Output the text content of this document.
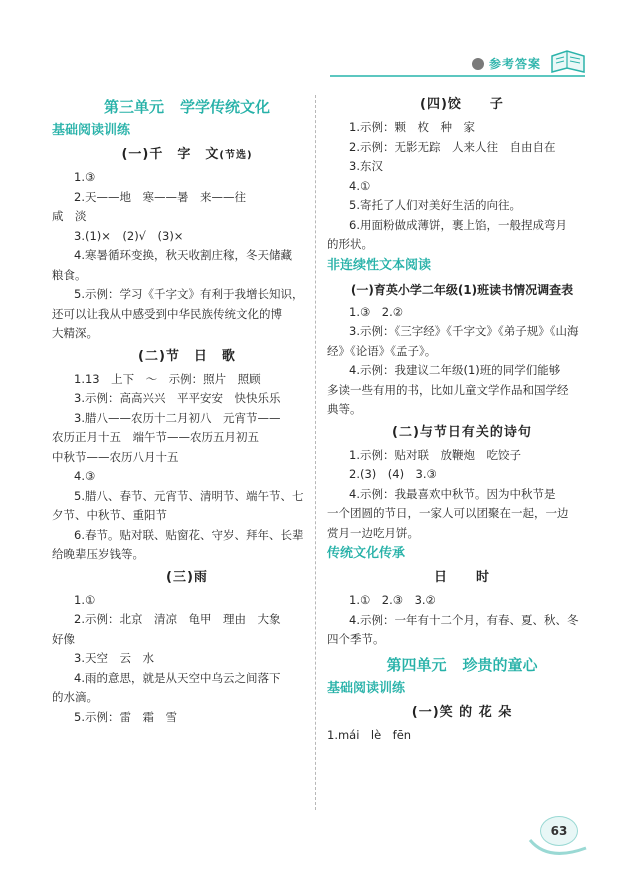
参考答案
第三单元 学学传统文化
基础阅读训练
(一)千　字　文(节选)
1.③
2.天——地　寒——暑　来——往
咸　淡
3.(1)×　(2)√　(3)×
4.寒暑循环变换，秋天收割庄稼，冬天储藏
粮食。
5.示例：学习《千字文》有利于我增长知识，
还可以让我从中感受到中华民族传统文化的博
大精深。
(二)节　日　歌
1.13　上下　～　示例：照片　照顾
3.示例：高高兴兴　平平安安　快快乐乐
3.腊八——农历十二月初八　元宵节——
农历正月十五　端午节——农历五月初五
中秋节——农历八月十五
4.③
5.腊八、春节、元宵节、清明节、端午节、七
夕节、中秋节、重阳节
6.春节。贴对联、贴窗花、守岁、拜年、长辈
给晚辈压岁钱等。
(三)雨
1.①
2.示例：北京　清凉　龟甲　理由　大象
好像
3.天空　云　水
4.雨的意思，就是从天空中乌云之间落下
的水滴。
5.示例：雷　霜　雪
(四)饺　　子
1.示例：颗　枚　种　家
2.示例：无影无踪　人来人往　自由自在
3.东汉
4.①
5.寄托了人们对美好生活的向往。
6.用面粉做成薄饼，裹上馅，一般捏成弯月
的形状。
非连续性文本阅读
(一)育英小学二年级(1)班读书情况调查表
1.③　2.②
3.示例：《三字经》《千字文》《弟子规》《山海
经》《论语》《孟子》。
4.示例：我建议二年级(1)班的同学们能够
多读一些有用的书，比如儿童文学作品和国学经
典等。
(二)与节日有关的诗句
1.示例：贴对联　放鞭炮　吃饺子
2.(3)　(4)　3.③
4.示例：我最喜欢中秋节。因为中秋节是
一个团圆的节日，一家人可以团聚在一起，一边
赏月一边吃月饼。
传统文化传承
日　　时
1.①　2.③　3.②
4.示例：一年有十二个月，有春、夏、秋、冬
四个季节。
第四单元 珍贵的童心
基础阅读训练
(一)笑 的 花 朵
1.mái　lè　fēn
63
